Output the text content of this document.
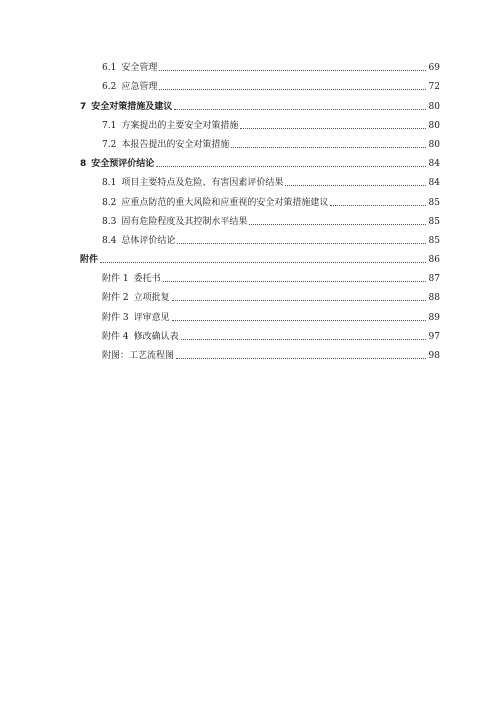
6.1 安全管理	69
6.2 应急管理	72
7 安全对策措施及建议	80
7.1 方案提出的主要安全对策措施	80
7.2 本报告提出的安全对策措施	80
8 安全预评价结论	84
8.1 项目主要特点及危险、有害因素评价结果	84
8.2 应重点防范的重大风险和应重视的安全对策措施建议	85
8.3 固有危险程度及其控制水平结果	85
8.4 总体评价结论	85
附件	86
附件 1 委托书	87
附件 2 立项批复	88
附件 3 评审意见	89
附件 4 修改确认表	97
附图：工艺流程图	98
